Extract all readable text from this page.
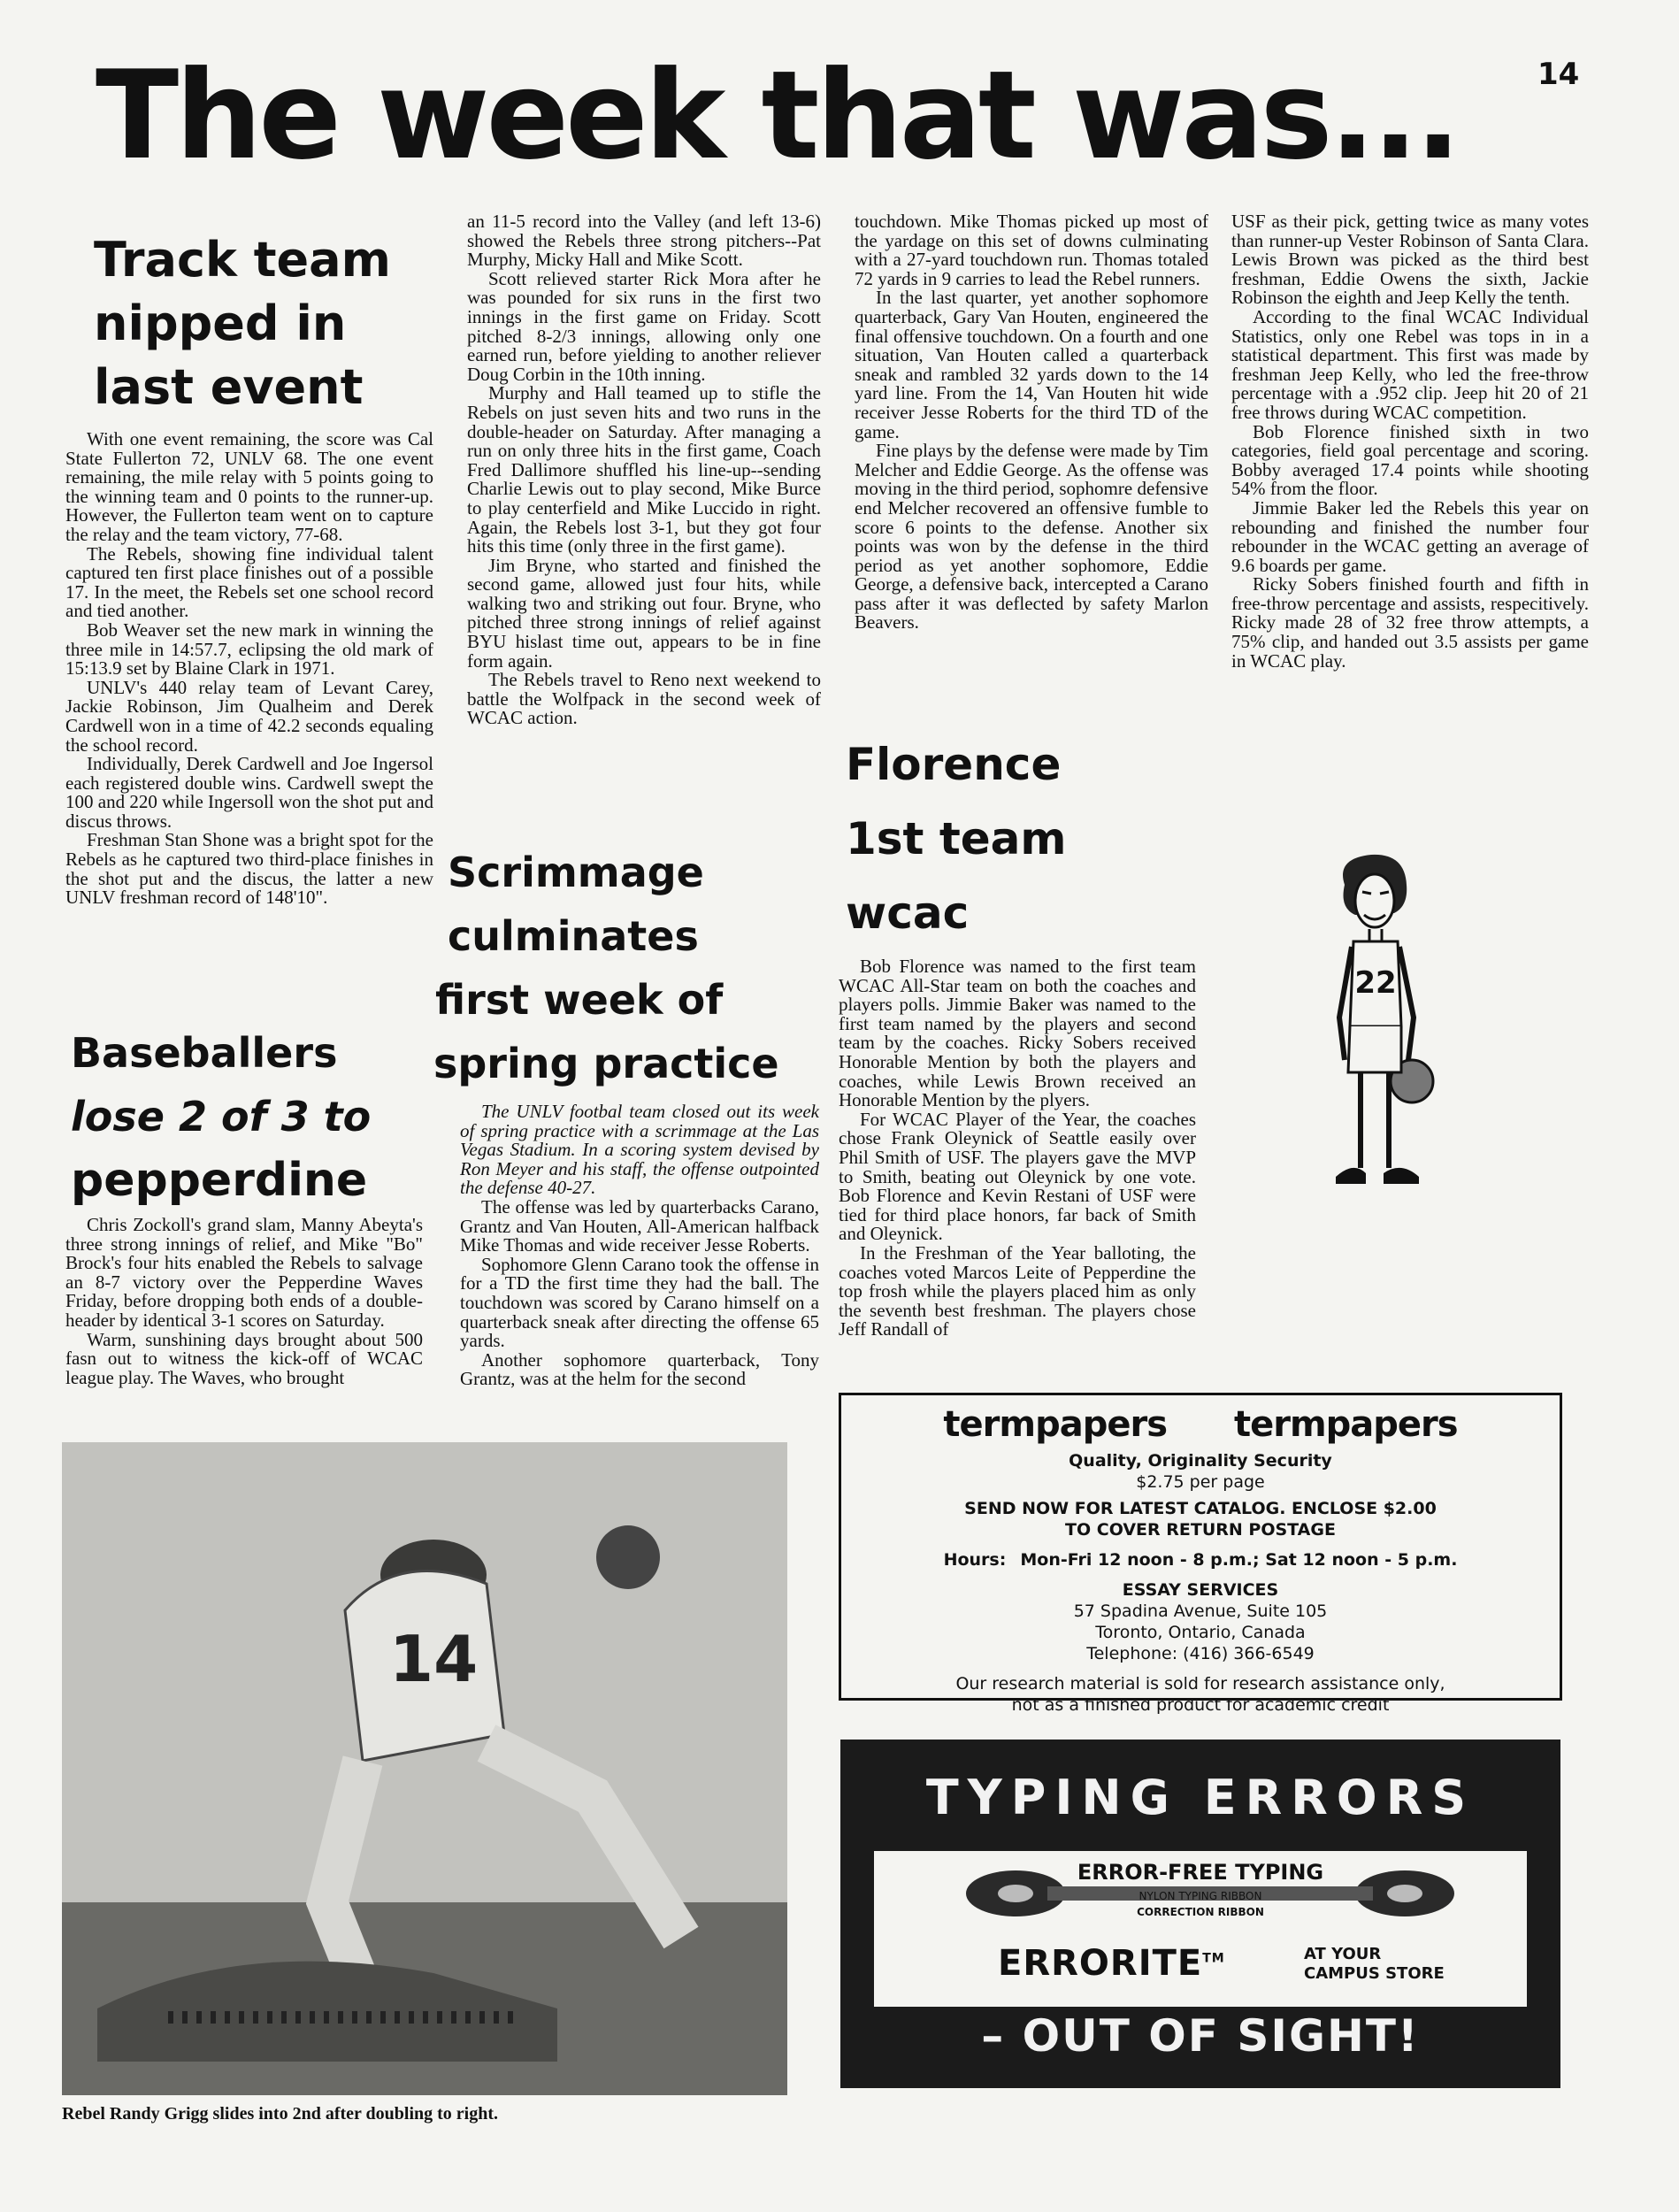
14
The week that was...
Track team
nipped in
last event

With one event remaining, the score was Cal State Fullerton 72, UNLV 68. The one event remaining, the mile relay with 5 points going to the winning team and 0 points to the runner-up. However, the Fullerton team went on to capture the relay and the team victory, 77-68.

The Rebels, showing fine individual talent captured ten first place finishes out of a possible 17. In the meet, the Rebels set one school record and tied another.

Bob Weaver set the new mark in winning the three mile in 14:57.7, eclipsing the old mark of 15:13.9 set by Blaine Clark in 1971.

UNLV's 440 relay team of Levant Carey, Jackie Robinson, Jim Qualheim and Derek Cardwell won in a time of 42.2 seconds equaling the school record.

Individually, Derek Cardwell and Joe Ingersol each registered double wins. Cardwell swept the 100 and 220 while Ingersoll won the shot put and discus throws.

Freshman Stan Shone was a bright spot for the Rebels as he captured two third-place finishes in the shot put and the discus, the latter a new UNLV freshman record of 148'10".

Baseballers
lose 2 of 3 to
pepperdine

Chris Zockoll's grand slam, Manny Abeyta's three strong innings of relief, and Mike "Bo" Brock's four hits enabled the Rebels to salvage an 8-7 victory over the Pepperdine Waves Friday, before dropping both ends of a double-header by identical 3-1 scores on Saturday.

Warm, sunshining days brought about 500 fasn out to witness the kick-off of WCAC league play. The Waves, who brought

an 11-5 record into the Valley (and left 13-6) showed the Rebels three strong pitchers--Pat Murphy, Micky Hall and Mike Scott.

Scott relieved starter Rick Mora after he was pounded for six runs in the first two innings in the first game on Friday. Scott pitched 8-2/3 innings, allowing only one earned run, before yielding to another reliever Doug Corbin in the 10th inning.

Murphy and Hall teamed up to stifle the Rebels on just seven hits and two runs in the double-header on Saturday. After managing a run on only three hits in the first game, Coach Fred Dallimore shuffled his line-up--sending Charlie Lewis out to play second, Mike Burce to play centerfield and Mike Luccido in right. Again, the Rebels lost 3-1, but they got four hits this time (only three in the first game).

Jim Bryne, who started and finished the second game, allowed just four hits, while walking two and striking out four. Bryne, who pitched three strong innings of relief against BYU hislast time out, appears to be in fine form again.

The Rebels travel to Reno next weekend to battle the Wolfpack in the second week of WCAC action.

Scrimmage
culminates
first week of
spring practice

The UNLV footbal team closed out its week of spring practice with a scrimmage at the Las Vegas Stadium. In a scoring system devised by Ron Meyer and his staff, the offense outpointed the defense 40-27.

The offense was led by quarterbacks Carano, Grantz and Van Houten, All-American halfback Mike Thomas and wide receiver Jesse Roberts.

Sophomore Glenn Carano took the offense in for a TD the first time they had the ball. The touchdown was scored by Carano himself on a quarterback sneak after directing the offense 65 yards.

Another sophomore quarterback, Tony Grantz, was at the helm for the second

touchdown. Mike Thomas picked up most of the yardage on this set of downs culminating with a 27-yard touchdown run. Thomas totaled 72 yards in 9 carries to lead the Rebel runners.

In the last quarter, yet another sophomore quarterback, Gary Van Houten, engineered the final offensive touchdown. On a fourth and one situation, Van Houten called a quarterback sneak and rambled 32 yards down to the 14 yard line. From the 14, Van Houten hit wide receiver Jesse Roberts for the third TD of the game.

Fine plays by the defense were made by Tim Melcher and Eddie George. As the offense was moving in the third period, sophomre defensive end Melcher recovered an offensive fumble to score 6 points to the defense. Another six points was won by the defense in the third period as yet another sophomore, Eddie George, a defensive back, intercepted a Carano pass after it was deflected by safety Marlon Beavers.

Florence
1st team
wcac

Bob Florence was named to the first team WCAC All-Star team on both the coaches and players polls. Jimmie Baker was named to the first team named by the players and second team by the coaches. Ricky Sobers received Honorable Mention by both the players and coaches, while Lewis Brown received an Honorable Mention by the plyers.

For WCAC Player of the Year, the coaches chose Frank Oleynick of Seattle easily over Phil Smith of USF. The players gave the MVP to Smith, beating out Oleynick by one vote. Bob Florence and Kevin Restani of USF were tied for third place honors, far back of Smith and Oleynick.

In the Freshman of the Year balloting, the coaches voted Marcos Leite of Pepperdine the top frosh while the players placed him as only the seventh best freshman. The players chose Jeff Randall of

USF as their pick, getting twice as many votes than runner-up Vester Robinson of Santa Clara. Lewis Brown was picked as the third best freshman, Eddie Owens the sixth, Jackie Robinson the eighth and Jeep Kelly the tenth.

According to the final WCAC Individual Statistics, only one Rebel was tops in in a statistical department. This first was made by freshman Jeep Kelly, who led the free-throw percentage with a .952 clip. Jeep hit 20 of 21 free throws during WCAC competition.

Bob Florence finished sixth in two categories, field goal percentage and scoring. Bobby averaged 17.4 points while shooting 54% from the floor.

Jimmie Baker led the Rebels this year on rebounding and finished the number four rebounder in the WCAC getting an average of 9.6 boards per game.

Ricky Sobers finished fourth and fifth in free-throw percentage and assists, respecitively. Ricky made 28 of 32 free throw attempts, a 75% clip, and handed out 3.5 assists per game in WCAC play.

22
14
Rebel Randy Grigg slides into 2nd after doubling to right.
termpapers termpapers
Quality, Originality Security
$2.75 per page
SEND NOW FOR LATEST CATALOG. ENCLOSE $2.00
TO COVER RETURN POSTAGE
Hours: Mon-Fri 12 noon - 8 p.m.; Sat 12 noon - 5 p.m.
ESSAY SERVICES
57 Spadina Avenue, Suite 105
Toronto, Ontario, Canada
Telephone: (416) 366-6549
Our research material is sold for research assistance only,
not as a finished product for academic credit
TYPING ERRORS
ERROR-FREE TYPING
NYLON TYPING RIBBON
CORRECTION RIBBON
ERRORITE™	AT YOUR
CAMPUS STORE
– OUT OF SIGHT!
